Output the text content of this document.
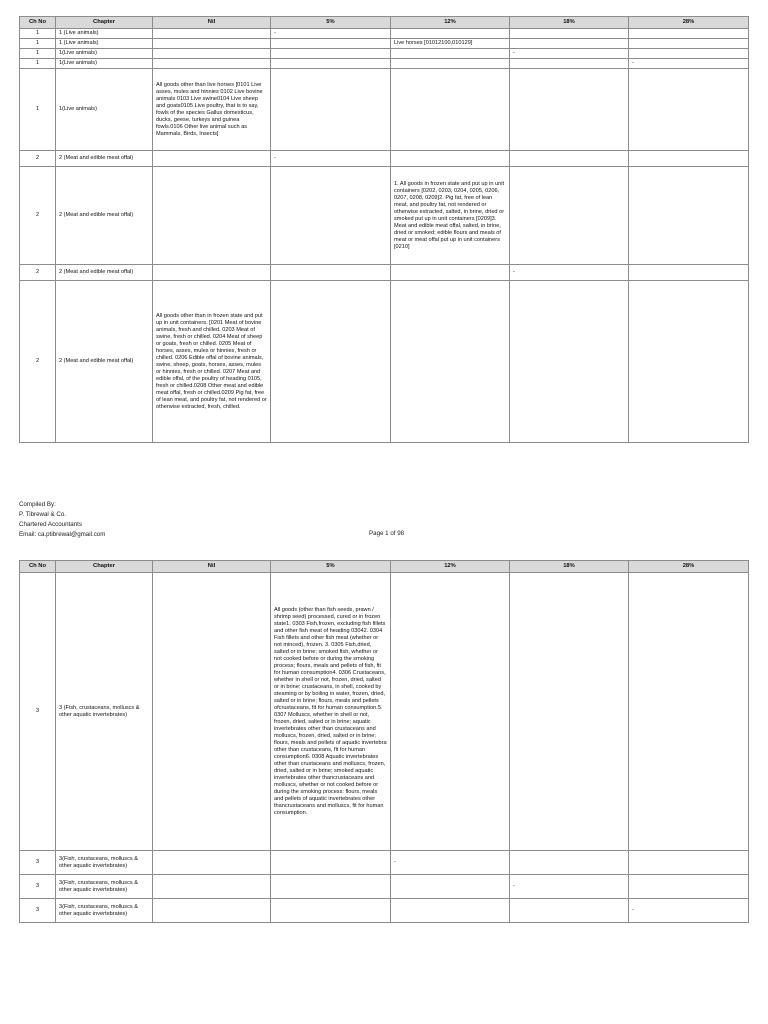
Ch No	Chapter	Nil	5%	12%	18%	28%
1	1 (Live animals)		-			
1	1 (Live animals)			Live horses [01012100,010129]		
1	1(Live animals)				-	
1	1(Live animals)					-
1	1(Live animals)	All goods other than live horses [0101 Live asses, mules and hinnies 0102 Live bovine animals 0103 Live swine0104 Live sheep and goats0105 Live poultry, that is to say, fowls of the species Gallus domesticus, ducks, geese, turkeys and guinea fowls.0106 Other live animal such as Mammals, Birds, Insects]				
2	2 (Meat and edible meat offal)		-			
2	2 (Meat and edible meat offal)			1. All goods in frozen state and put up in unit containers [0202, 0203, 0204, 0205, 0206, 0207, 0208, 0209]2. Pig fat, free of lean meat, and poultry fat, not rendered or otherwise extracted, salted, in brine, dried or smoked put up in unit containers [0209]3. Meat and edible meat offal, salted, in brine, dried or smoked; edible flours and meals of meat or meat offal put up in unit containers [0210]		
2	2 (Meat and edible meat offal)				-	
2	2 (Meat and edible meat offal)	All goods other than in frozen state and put up in unit containers. [0201 Meat of bovine animals, fresh and chilled. 0203 Meat of swine, fresh or chilled. 0204 Meat of sheep or goats, fresh or chilled. 0205 Meat of horses, asses, mules or hinnies, fresh or chilled. 0206 Edible offal of bovine animals, swine, sheep, goats, horses, asses, mules or hinnies, fresh or chilled. 0207 Meat and edible offal, of the poultry of heading 0105, fresh or chilled.0208 Other meat and edible meat offal, fresh or chilled.0209 Pig fat, free of lean meat, and poultry fat, not rendered or otherwise extracted, fresh, chilled.				
Compiled By:
P. Tibrewal & Co.
Chartered Accountants
Email: ca.ptibrewal@gmail.com	Page 1 of 98
Ch No	Chapter	Nil	5%	12%	18%	28%
3	3 (Fish, crustaceans, molluscs & other aquatic invertebrates)		All goods (other than fish seeds, prawn / shrimp seed) processed, cured or in frozen state1. 0303 Fish,frozen, excluding fish fillets and other fish meat of heading 03042. 0304 Fish fillets and other fish meat (whether or not minced), frozen. 3. 0305 Fish,dried, salted or in brine; smoked fish, whether or not cooked before or during the smoking process; flours, meals and pellets of fish, fit for human consumption4. 0306 Crustaceans, whether in shell or not, frozen, dried, salted or in brine; crustaceans, in shell, cooked by steaming or by boiling in water, frozen, dried, salted or in brine; flours, meals and pellets ofcrustaceans, fit for human consumption.5. 0307 Molluscs, whether in shell or not, frozen, dried, salted or in brine; aquatic invertebrates other than crustaceans and molluscs, frozen, dried, salted or in brine; flours, meals and pellets of aquatic invertebra other than crustaceans, fit for human consumption6. 0308 Aquatic invertebrates other than crustaceans and molluscs, frozen, dried, salted or in brine; smoked aquatic invertebrates other thancrustaceans and molluscs, whether or not cooked before or during the smoking process: flours, meals and pellets of aquatic invertebrates other thancrustaceans and molluscs, fit for human consumption.			
3	3(Fish, crustaceans, molluscs & other aquatic invertebrates)			-		
3	3(Fish, crustaceans, molluscs & other aquatic invertebrates)				-	
3	3(Fish, crustaceans, molluscs & other aquatic invertebrates)					-
